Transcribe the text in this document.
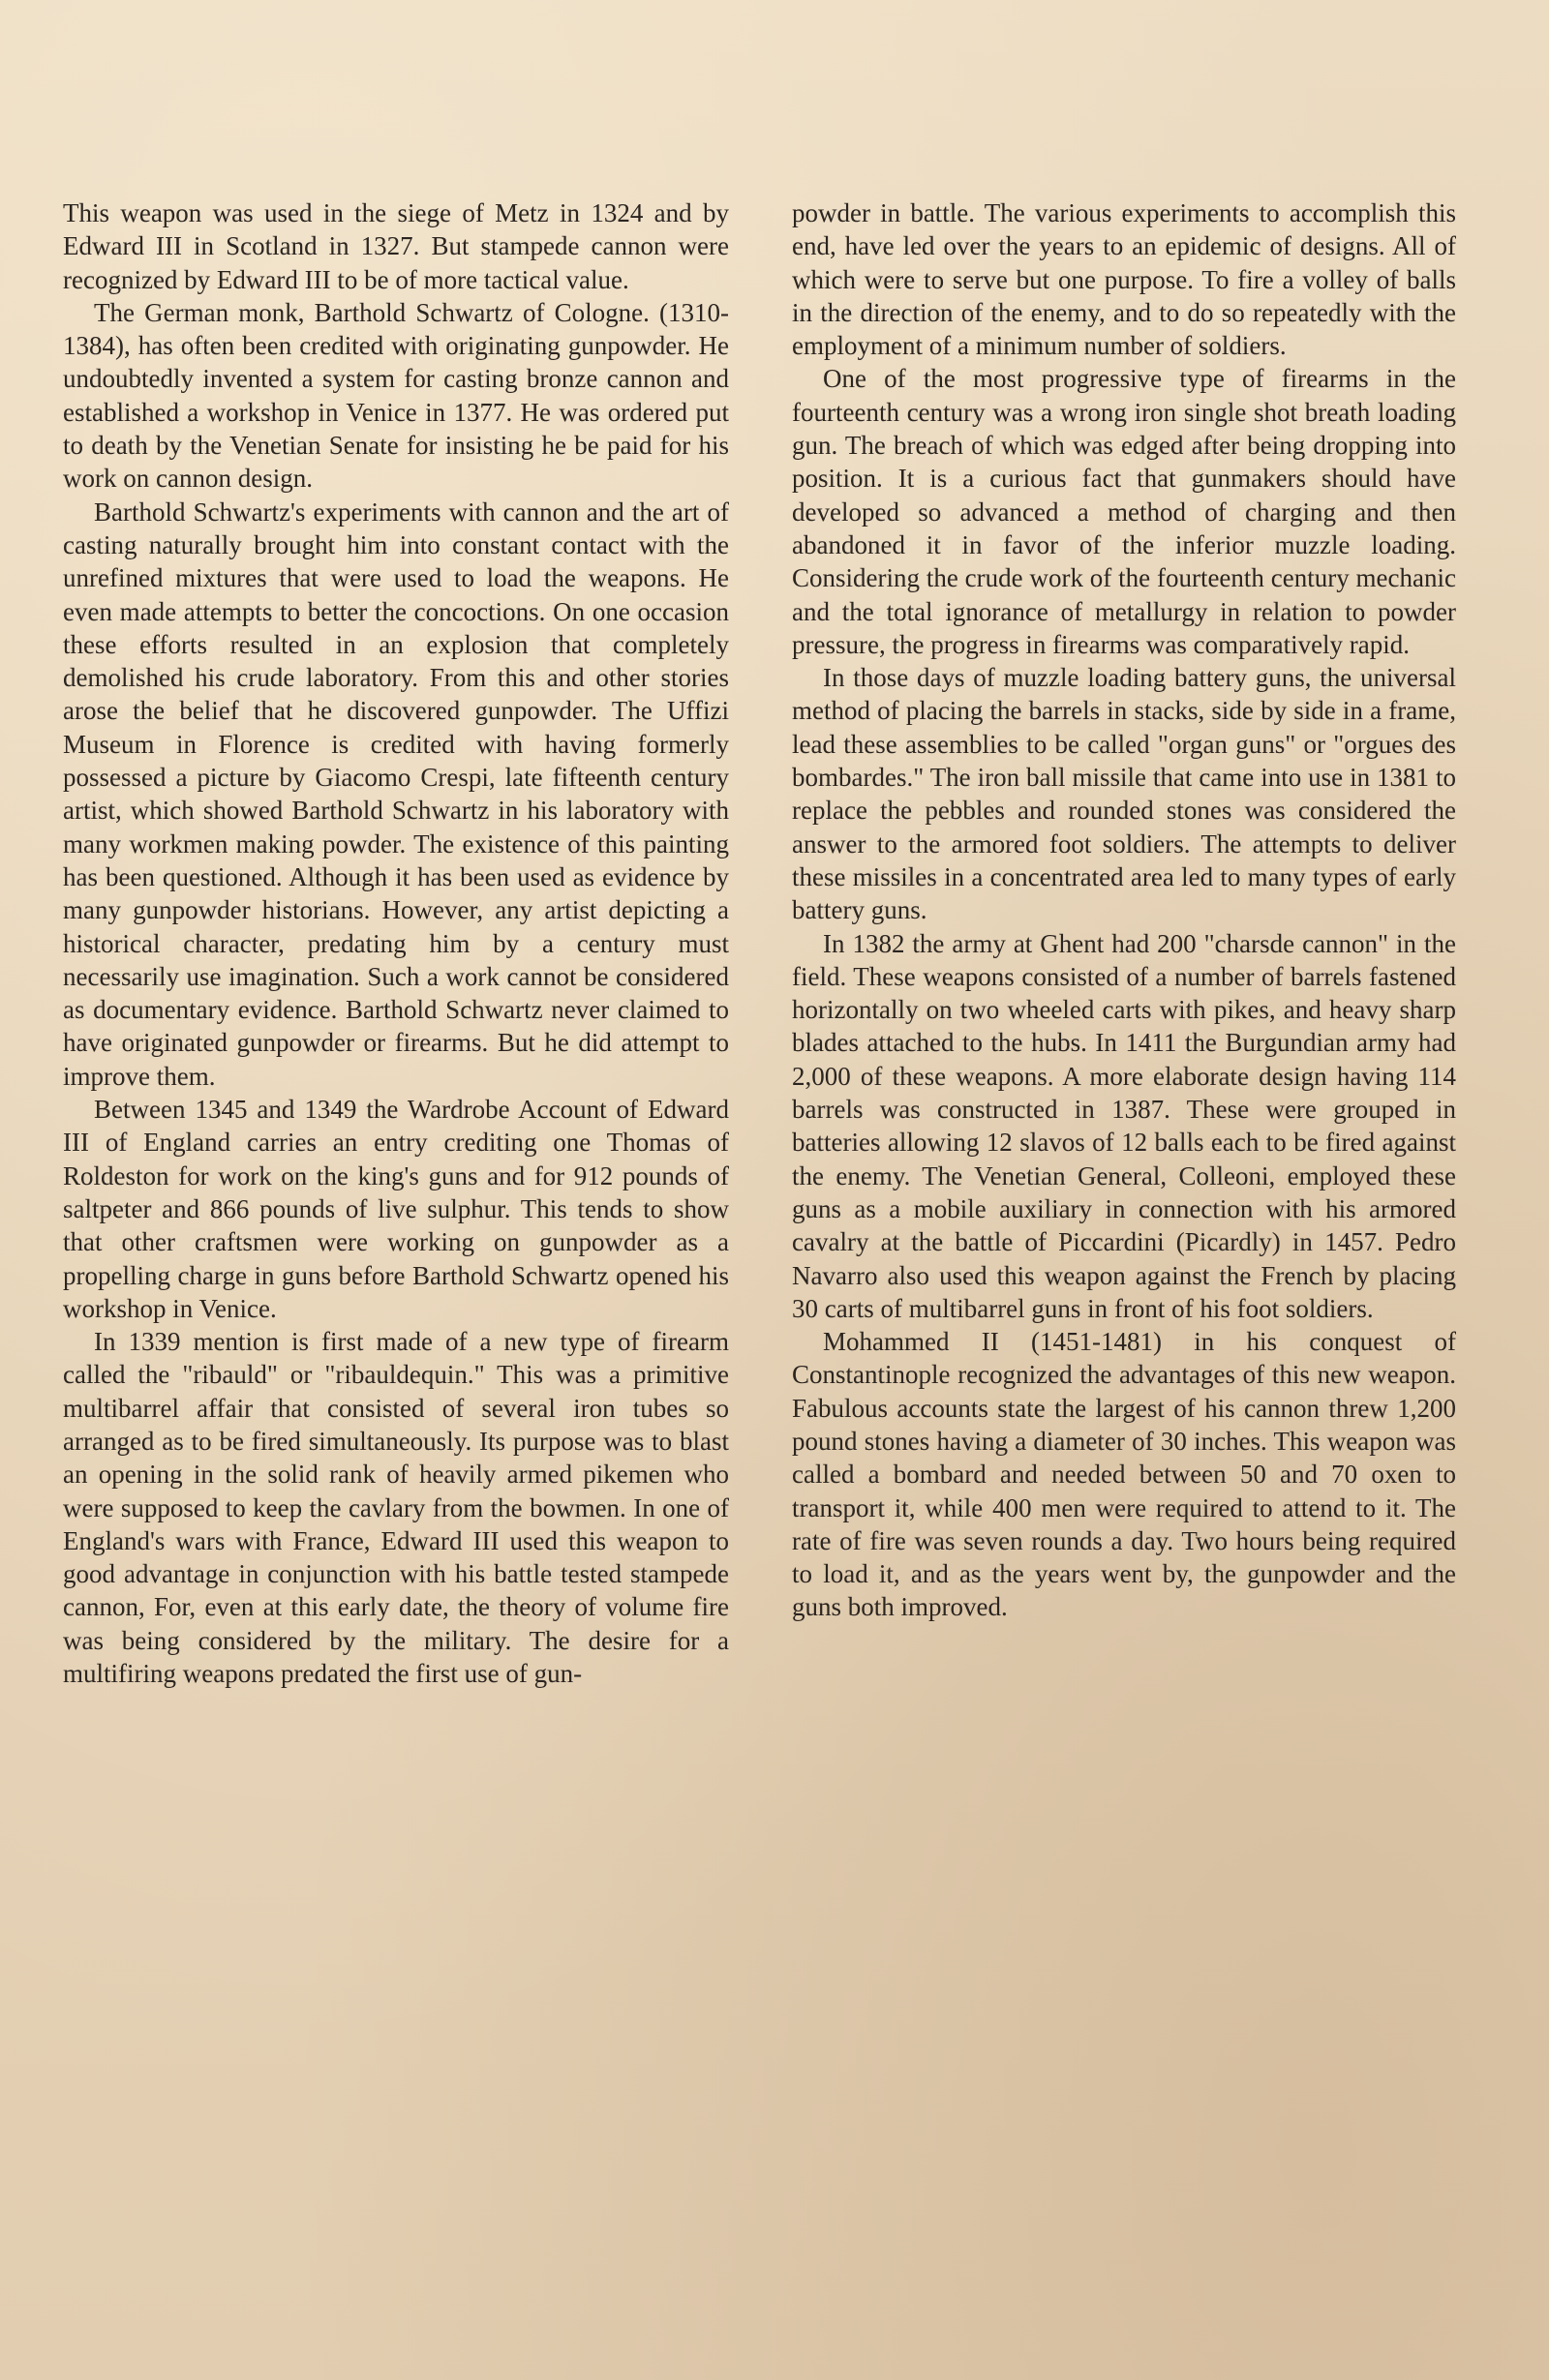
This weapon was used in the siege of Metz in 1324 and by Edward III in Scotland in 1327. But stampede cannon were recognized by Edward III to be of more tactical value.

The German monk, Barthold Schwartz of Cologne. (1310-1384), has often been credited with originating gunpowder. He undoubtedly invented a system for casting bronze cannon and established a workshop in Venice in 1377. He was ordered put to death by the Venetian Senate for insisting he be paid for his work on cannon design.

Barthold Schwartz's experiments with cannon and the art of casting naturally brought him into constant contact with the unrefined mixtures that were used to load the weapons. He even made attempts to better the concoctions. On one occasion these efforts resulted in an explosion that completely demolished his crude laboratory. From this and other stories arose the belief that he discovered gunpowder. The Uffizi Museum in Florence is credited with having formerly possessed a picture by Giacomo Crespi, late fifteenth century artist, which showed Barthold Schwartz in his laboratory with many workmen making powder. The existence of this painting has been questioned. Although it has been used as evidence by many gunpowder historians. However, any artist depicting a historical character, predating him by a century must necessarily use imagination. Such a work cannot be considered as documentary evidence. Barthold Schwartz never claimed to have originated gunpowder or firearms. But he did attempt to improve them.

Between 1345 and 1349 the Wardrobe Account of Edward III of England carries an entry crediting one Thomas of Roldeston for work on the king's guns and for 912 pounds of saltpeter and 866 pounds of live sulphur. This tends to show that other craftsmen were working on gunpowder as a propelling charge in guns before Barthold Schwartz opened his workshop in Venice.

In 1339 mention is first made of a new type of firearm called the "ribauld" or "ribauldequin." This was a primitive multibarrel affair that consisted of several iron tubes so arranged as to be fired simultaneously. Its purpose was to blast an opening in the solid rank of heavily armed pikemen who were supposed to keep the cavlary from the bowmen. In one of England's wars with France, Edward III used this weapon to good advantage in conjunction with his battle tested stampede cannon, For, even at this early date, the theory of volume fire was being considered by the military. The desire for a multifiring weapons predated the first use of gun-

powder in battle. The various experiments to accomplish this end, have led over the years to an epidemic of designs. All of which were to serve but one purpose. To fire a volley of balls in the direction of the enemy, and to do so repeatedly with the employment of a minimum number of soldiers.

One of the most progressive type of firearms in the fourteenth century was a wrong iron single shot breath loading gun. The breach of which was edged after being dropping into position. It is a curious fact that gunmakers should have developed so advanced a method of charging and then abandoned it in favor of the inferior muzzle loading. Considering the crude work of the fourteenth century mechanic and the total ignorance of metallurgy in relation to powder pressure, the progress in firearms was comparatively rapid.

In those days of muzzle loading battery guns, the universal method of placing the barrels in stacks, side by side in a frame, lead these assemblies to be called "organ guns" or "orgues des bombardes." The iron ball missile that came into use in 1381 to replace the pebbles and rounded stones was considered the answer to the armored foot soldiers. The attempts to deliver these missiles in a concentrated area led to many types of early battery guns.

In 1382 the army at Ghent had 200 "charsde cannon" in the field. These weapons consisted of a number of barrels fastened horizontally on two wheeled carts with pikes, and heavy sharp blades attached to the hubs. In 1411 the Burgundian army had 2,000 of these weapons. A more elaborate design having 114 barrels was constructed in 1387. These were grouped in batteries allowing 12 slavos of 12 balls each to be fired against the enemy. The Venetian General, Colleoni, employed these guns as a mobile auxiliary in connection with his armored cavalry at the battle of Piccardini (Picardly) in 1457. Pedro Navarro also used this weapon against the French by placing 30 carts of multibarrel guns in front of his foot soldiers.

Mohammed II (1451-1481) in his conquest of Constantinople recognized the advantages of this new weapon. Fabulous accounts state the largest of his cannon threw 1,200 pound stones having a diameter of 30 inches. This weapon was called a bombard and needed between 50 and 70 oxen to transport it, while 400 men were required to attend to it. The rate of fire was seven rounds a day. Two hours being required to load it, and as the years went by, the gunpowder and the guns both improved.
